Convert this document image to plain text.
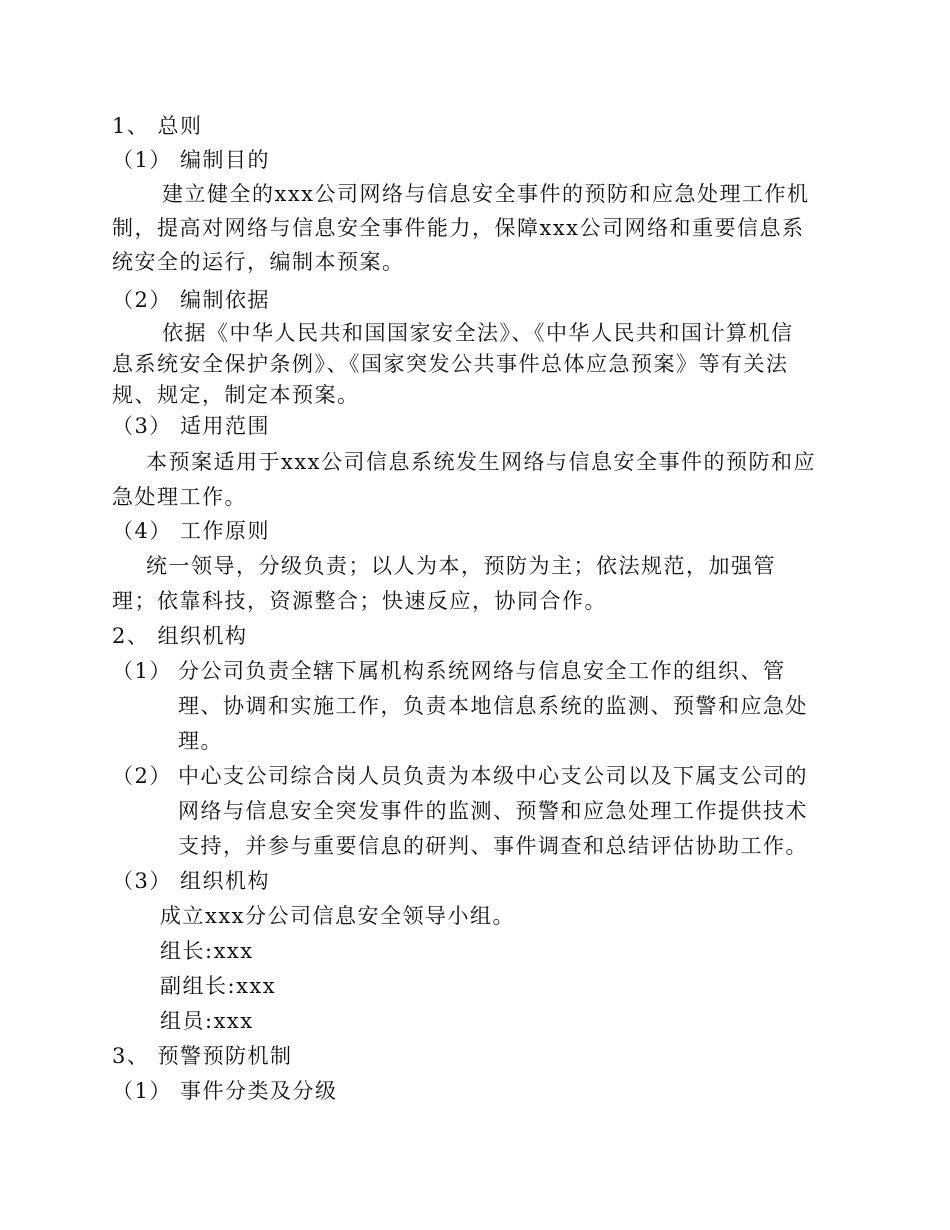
1、 总则
（1） 编制目的
建立健全的xxx公司网络与信息安全事件的预防和应急处理工作机
制，提高对网络与信息安全事件能力，保障xxx公司网络和重要信息系
统安全的运行，编制本预案。
（2） 编制依据
依据《中华人民共和国国家安全法》、《中华人民共和国计算机信
息系统安全保护条例》、《国家突发公共事件总体应急预案》等有关法
规、规定，制定本预案。
（3） 适用范围
本预案适用于xxx公司信息系统发生网络与信息安全事件的预防和应
急处理工作。
（4） 工作原则
统一领导，分级负责；以人为本，预防为主；依法规范，加强管
理；依靠科技，资源整合；快速反应，协同合作。
2、 组织机构
（1） 分公司负责全辖下属机构系统网络与信息安全工作的组织、管
理、协调和实施工作，负责本地信息系统的监测、预警和应急处
理。
（2） 中心支公司综合岗人员负责为本级中心支公司以及下属支公司的
网络与信息安全突发事件的监测、预警和应急处理工作提供技术
支持，并参与重要信息的研判、事件调查和总结评估协助工作。
（3） 组织机构
成立xxx分公司信息安全领导小组。
组长:xxx
副组长:xxx
组员:xxx
3、 预警预防机制
（1） 事件分类及分级
